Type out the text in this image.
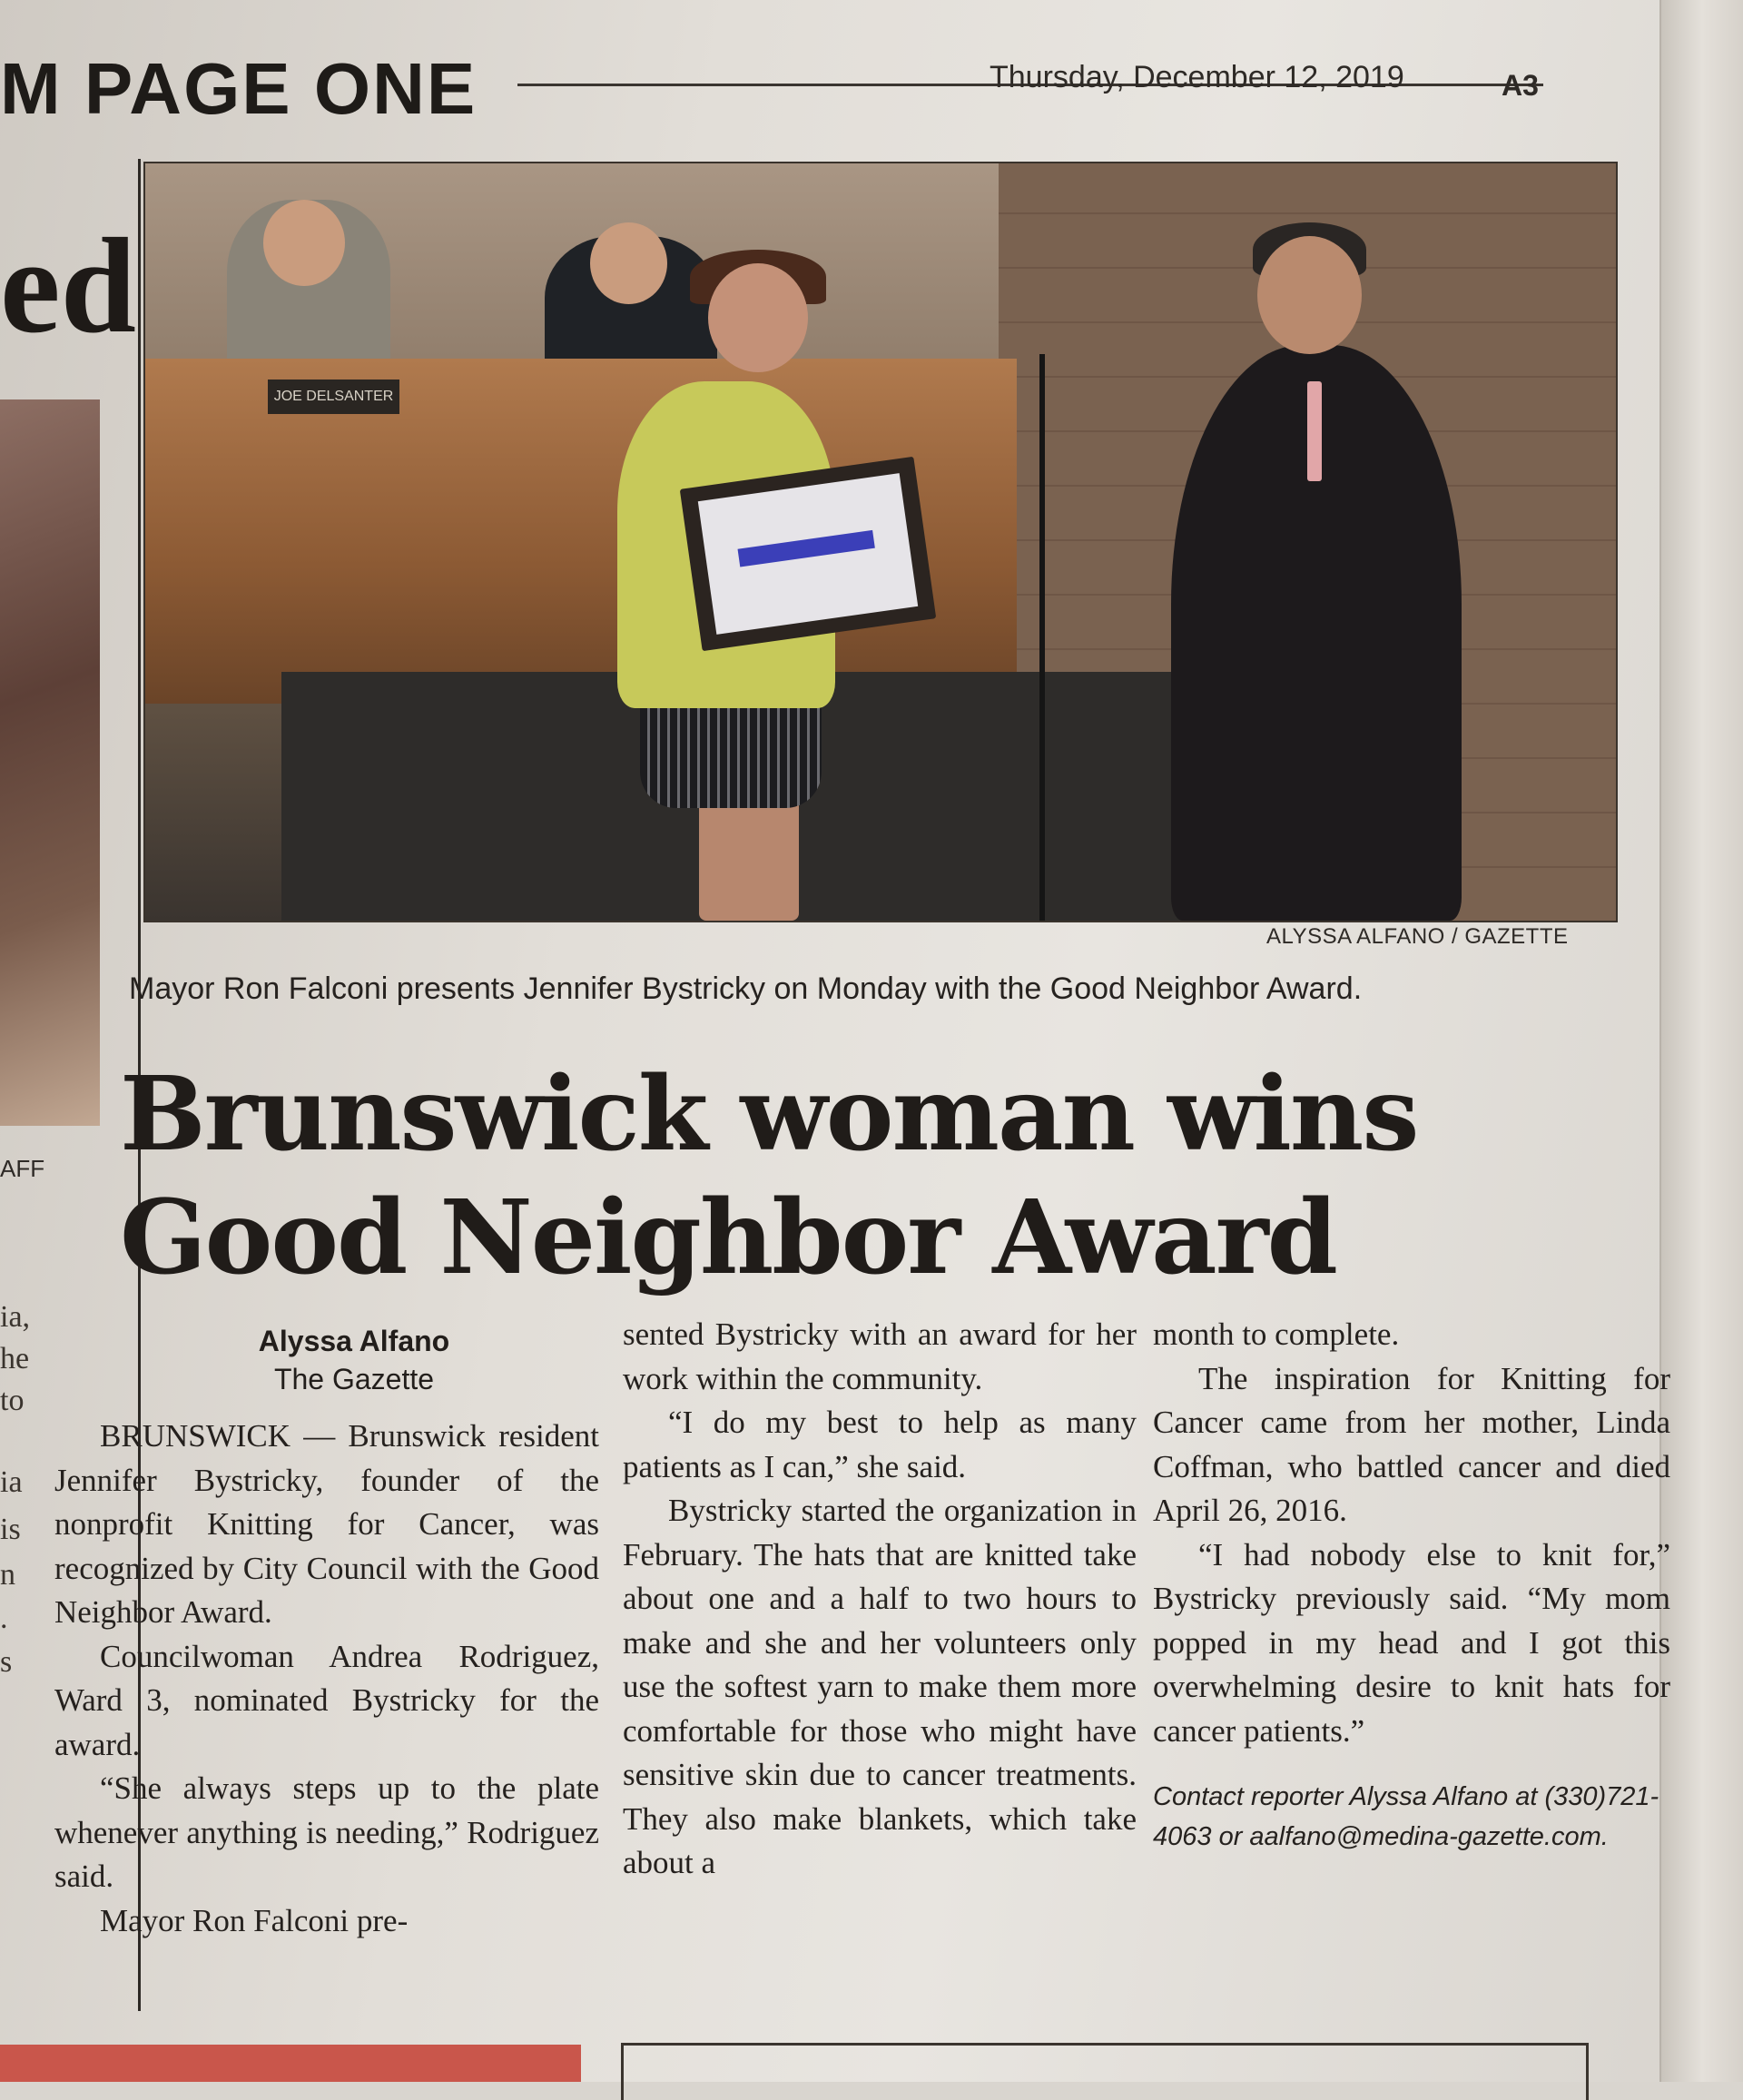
M PAGE ONE	Thursday, December 12, 2019	A3
ed
AFF
ia,
he
to
ia
is
n
.
s
JOE DELSANTER
ALYSSA ALFANO / GAZETTE
Mayor Ron Falconi presents Jennifer Bystricky on Monday with the Good Neighbor Award.
Brunswick woman wins
Good Neighbor Award
Alyssa Alfano
The Gazette

BRUNSWICK — Brunswick resident Jennifer Bystricky, founder of the nonprofit Knitting for Cancer, was recognized by City Council with the Good Neighbor Award.

Councilwoman Andrea Rodriguez, Ward 3, nominated Bystricky for the award.

“She always steps up to the plate whenever anything is needing,” Rodriguez said.

Mayor Ron Falconi pre-

sented Bystricky with an award for her work within the community.

“I do my best to help as many patients as I can,” she said.

Bystricky started the organization in February. The hats that are knitted take about one and a half to two hours to make and she and her volunteers only use the softest yarn to make them more comfortable for those who might have sensitive skin due to cancer treatments. They also make blankets, which take about a

month to complete.

The inspiration for Knitting for Cancer came from her mother, Linda Coffman, who battled cancer and died April 26, 2016.

“I had nobody else to knit for,” Bystricky previously said. “My mom popped in my head and I got this overwhelming desire to knit hats for cancer patients.”

Contact reporter Alyssa Alfano at (330)721-4063 or aalfano@medina-gazette.com.
